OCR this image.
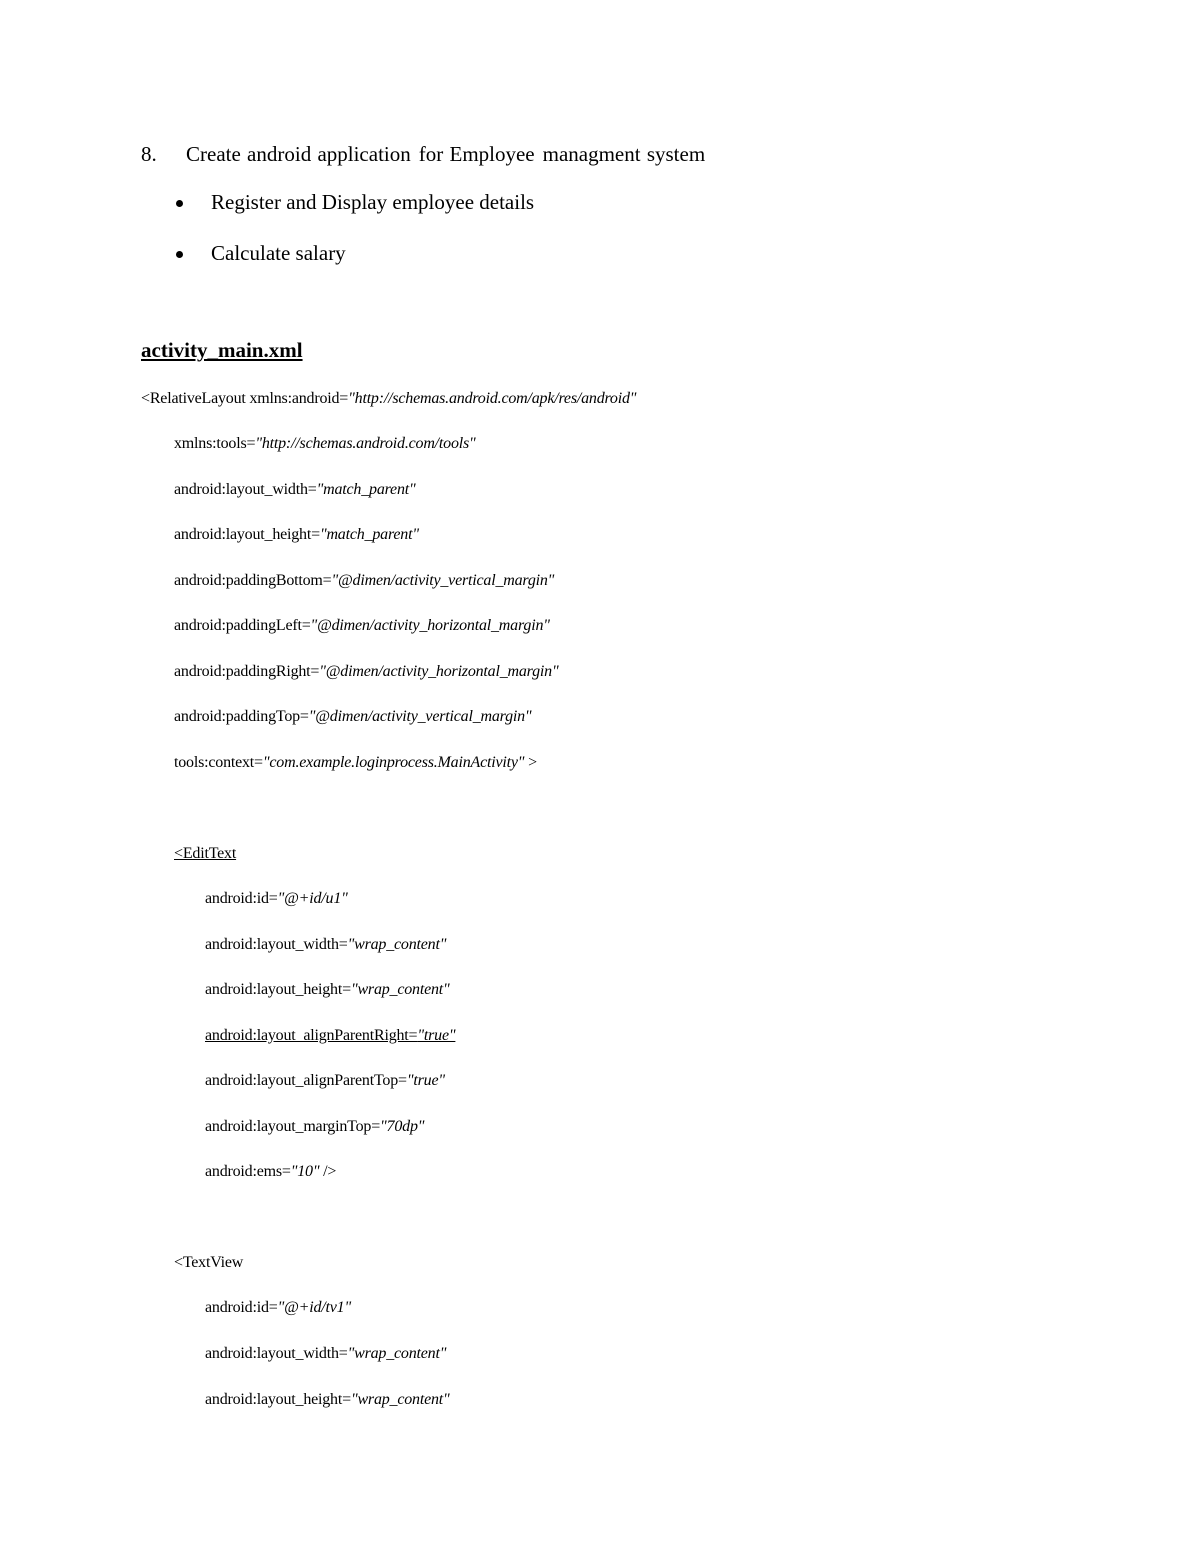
8. Create android application for Employee managment system
Register and Display employee details
Calculate salary
activity_main.xml
<RelativeLayout xmlns:android="http://schemas.android.com/apk/res/android"
xmlns:tools="http://schemas.android.com/tools"
android:layout_width="match_parent"
android:layout_height="match_parent"
android:paddingBottom="@dimen/activity_vertical_margin"
android:paddingLeft="@dimen/activity_horizontal_margin"
android:paddingRight="@dimen/activity_horizontal_margin"
android:paddingTop="@dimen/activity_vertical_margin"
tools:context="com.example.loginprocess.MainActivity" >
<EditText
android:id="@+id/u1"
android:layout_width="wrap_content"
android:layout_height="wrap_content"
android:layout_alignParentRight="true"
android:layout_alignParentTop="true"
android:layout_marginTop="70dp"
android:ems="10" />
<TextView
android:id="@+id/tv1"
android:layout_width="wrap_content"
android:layout_height="wrap_content"
